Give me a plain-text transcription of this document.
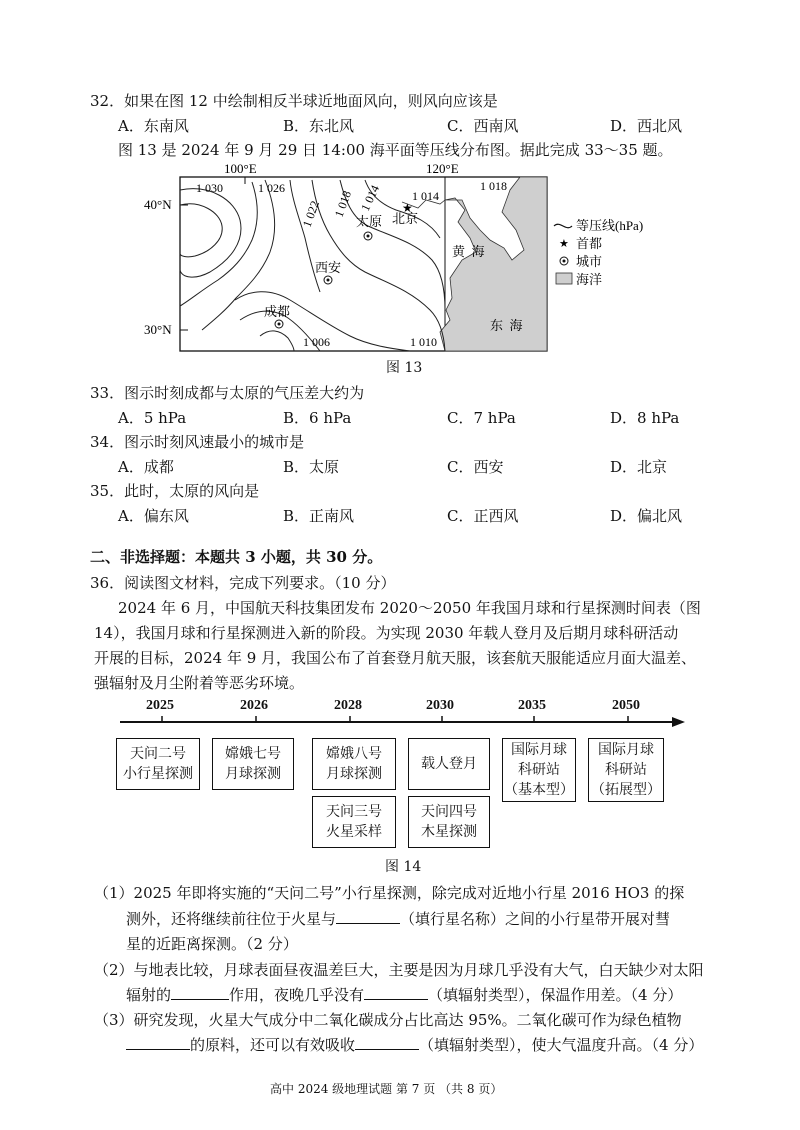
32．如果在图 12 中绘制相反半球近地面风向，则风向应该是
A．东南风	B．东北风	C．西南风	D．西北风
图 13 是 2024 年 9 月 29 日 14:00 海平面等压线分布图。据此完成 33～35 题。
100°E	120°E
40°N
30°N
1 030	1 026
1 022 1 018 1 014 1 014
1 018
1 006	1 010
太原
★
北京
西安
成都
黄  海
东  海
等压线(hPa)
★ 首都
城市
海洋
图 13
33．图示时刻成都与太原的气压差大约为
A．5 hPa	B．6 hPa	C．7 hPa	D．8 hPa
34．图示时刻风速最小的城市是
A．成都	B．太原	C．西安	D．北京
35．此时，太原的风向是
A．偏东风	B．正南风	C．正西风	D．偏北风
二、非选择题：本题共 3 小题，共 30 分。
36．阅读图文材料，完成下列要求。（10 分）
2024 年 6 月，中国航天科技集团发布 2020～2050 年我国月球和行星探测时间表（图
14），我国月球和行星探测进入新的阶段。为实现 2030 年载人登月及后期月球科研活动
开展的目标，2024 年 9 月，我国公布了首套登月航天服，该套航天服能适应月面大温差、
强辐射及月尘附着等恶劣环境。
2025	2026	2028	2030	2035	2050
天问二号
小行星探测
嫦娥七号
月球探测
嫦娥八号
月球探测
载人登月
国际月球
科研站
（基本型）
国际月球
科研站
（拓展型）
天问三号
火星采样
天问四号
木星探测
图 14
（1）2025 年即将实施的“天问二号”小行星探测，除完成对近地小行星 2016 HO3 的探
测外，还将继续前往位于火星与	（填行星名称）之间的小行星带开展对彗
星的近距离探测。（2 分）
（2）与地表比较，月球表面昼夜温差巨大，主要是因为月球几乎没有大气，白天缺少对太阳
辐射的	作用，夜晚几乎没有	（填辐射类型），保温作用差。（4 分）
（3）研究发现，火星大气成分中二氧化碳成分占比高达 95%。二氧化碳可作为绿色植物
的原料，还可以有效吸收	（填辐射类型），使大气温度升高。（4 分）
高中 2024 级地理试题 第 7 页 （共 8 页）
